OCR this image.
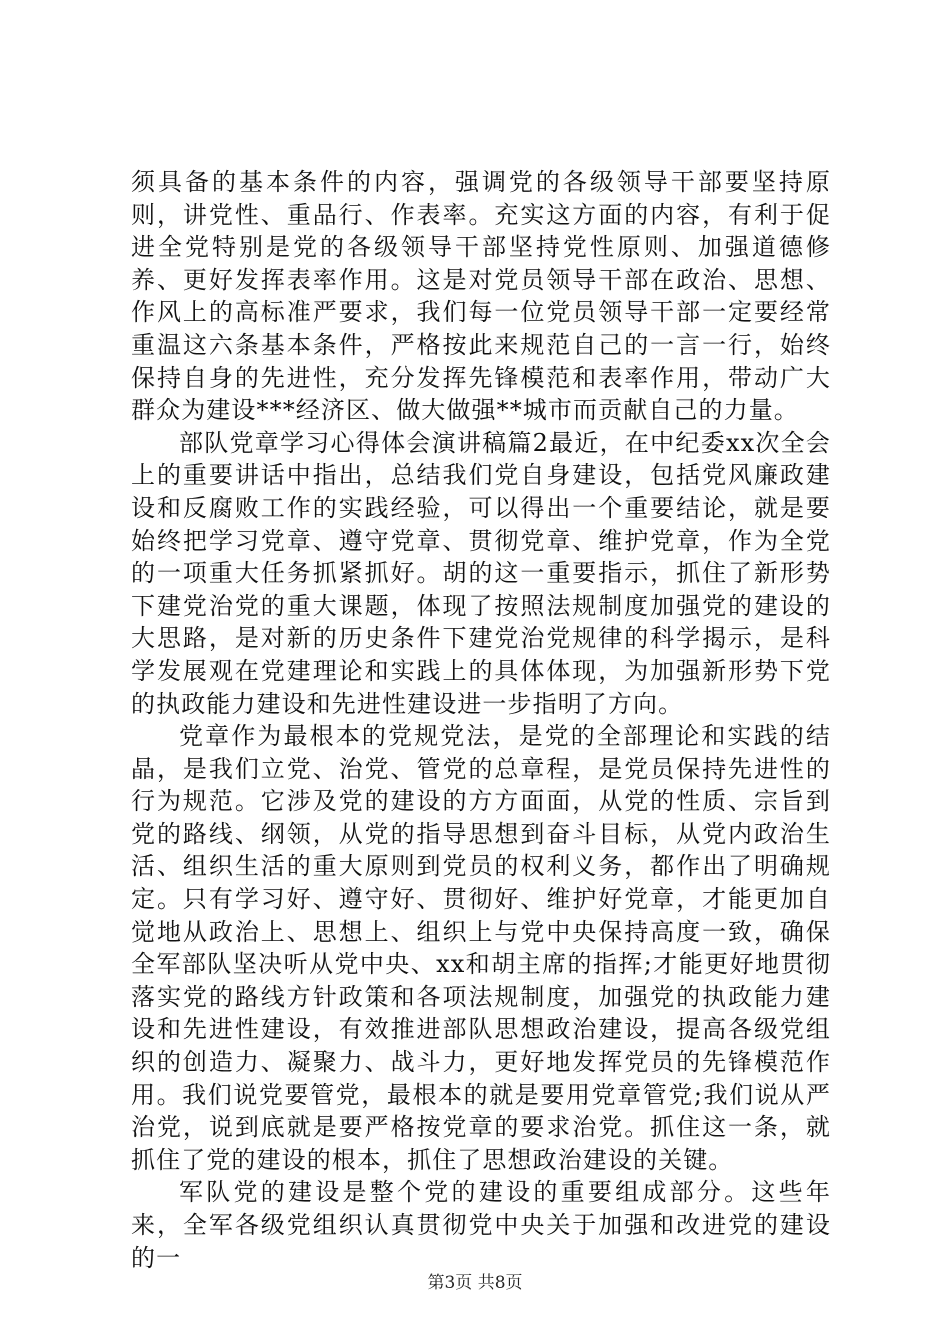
须具备的基本条件的内容，强调党的各级领导干部要坚持原则，讲党性、重品行、作表率。充实这方面的内容，有利于促进全党特别是党的各级领导干部坚持党性原则、加强道德修养、更好发挥表率作用。这是对党员领导干部在政治、思想、作风上的高标准严要求，我们每一位党员领导干部一定要经常重温这六条基本条件，严格按此来规范自己的一言一行，始终保持自身的先进性，充分发挥先锋模范和表率作用，带动广大群众为建设***经济区、做大做强**城市而贡献自己的力量。

部队党章学习心得体会演讲稿篇2最近，在中纪委xx次全会上的重要讲话中指出，总结我们党自身建设，包括党风廉政建设和反腐败工作的实践经验，可以得出一个重要结论，就是要始终把学习党章、遵守党章、贯彻党章、维护党章，作为全党的一项重大任务抓紧抓好。胡的这一重要指示，抓住了新形势下建党治党的重大课题，体现了按照法规制度加强党的建设的大思路，是对新的历史条件下建党治党规律的科学揭示，是科学发展观在党建理论和实践上的具体体现，为加强新形势下党的执政能力建设和先进性建设进一步指明了方向。

党章作为最根本的党规党法，是党的全部理论和实践的结晶，是我们立党、治党、管党的总章程，是党员保持先进性的行为规范。它涉及党的建设的方方面面，从党的性质、宗旨到党的路线、纲领，从党的指导思想到奋斗目标，从党内政治生活、组织生活的重大原则到党员的权利义务，都作出了明确规定。只有学习好、遵守好、贯彻好、维护好党章，才能更加自觉地从政治上、思想上、组织上与党中央保持高度一致，确保全军部队坚决听从党中央、xx和胡主席的指挥;才能更好地贯彻落实党的路线方针政策和各项法规制度，加强党的执政能力建设和先进性建设，有效推进部队思想政治建设，提高各级党组织的创造力、凝聚力、战斗力，更好地发挥党员的先锋模范作用。我们说党要管党，最根本的就是要用党章管党;我们说从严治党，说到底就是要严格按党章的要求治党。抓住这一条，就抓住了党的建设的根本，抓住了思想政治建设的关键。

军队党的建设是整个党的建设的重要组成部分。这些年来，全军各级党组织认真贯彻党中央关于加强和改进党的建设的一

第3页 共8页
